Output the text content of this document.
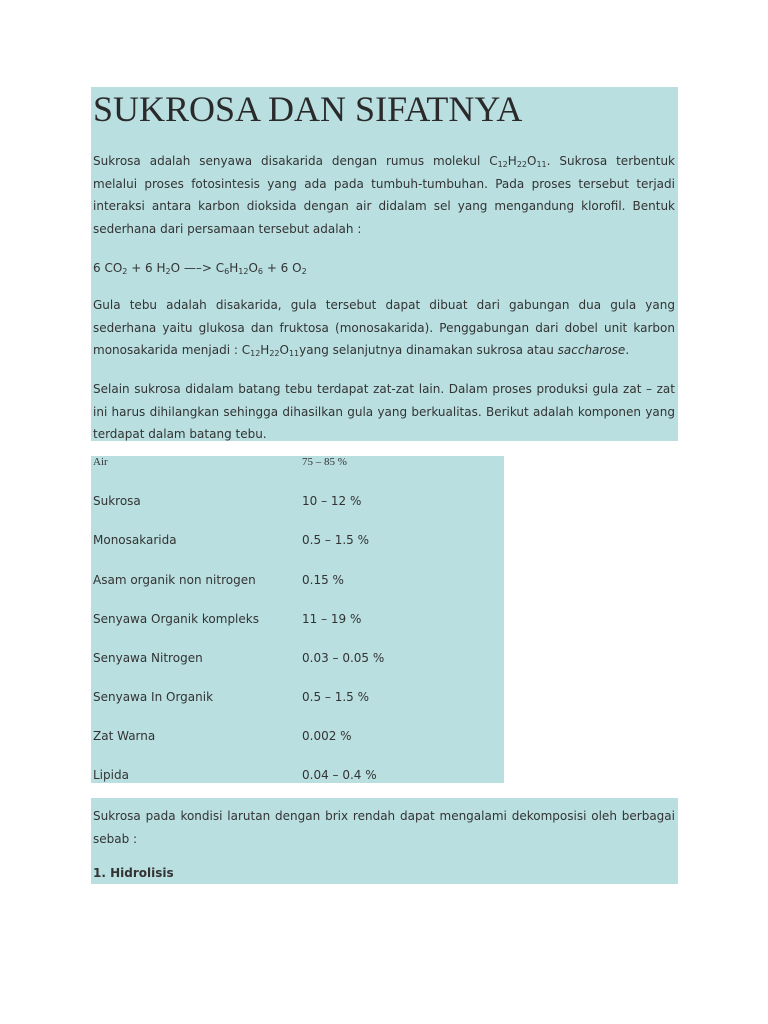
SUKROSA DAN SIFATNYA
Sukrosa adalah senyawa disakarida dengan rumus molekul $C_{12}H_{22}O_{11}$. Sukrosa terbentuk melalui proses fotosintesis yang ada pada tumbuh-tumbuhan. Pada proses tersebut terjadi interaksi antara karbon dioksida dengan air didalam sel yang mengandung klorofil. Bentuk sederhana dari persamaan tersebut adalah :
6 $CO_2 + 6$ $H_2O$ —–> $C_6H_{12}O_6 + 6$ $O_2$
Gula tebu adalah disakarida, gula tersebut dapat dibuat dari gabungan dua gula yang sederhana yaitu glukosa dan fruktosa (monosakarida). Penggabungan dari dobel unit karbon monosakarida menjadi : $C_{12}H_{22}O_{11}yang$ selanjutnya dinamakan sukrosa atau saccharose.
Selain sukrosa didalam batang tebu terdapat zat-zat lain. Dalam proses produksi gula zat – zat ini harus dihilangkan sehingga dihasilkan gula yang berkualitas. Berikut adalah komponen yang terdapat dalam batang tebu.
Air	75 – 85 %
Sukrosa	10 – 12 %
Monosakarida	0.5 – 1.5 %
Asam organik non nitrogen	0.15 %
Senyawa Organik kompleks	11 – 19 %
Senyawa Nitrogen	0.03 – 0.05 %
Senyawa In Organik	0.5 – 1.5 %
Zat Warna	0.002 %
Lipida	0.04 – 0.4 %
Sukrosa pada kondisi larutan dengan brix rendah dapat mengalami dekomposisi oleh berbagai sebab :
1. Hidrolisis
